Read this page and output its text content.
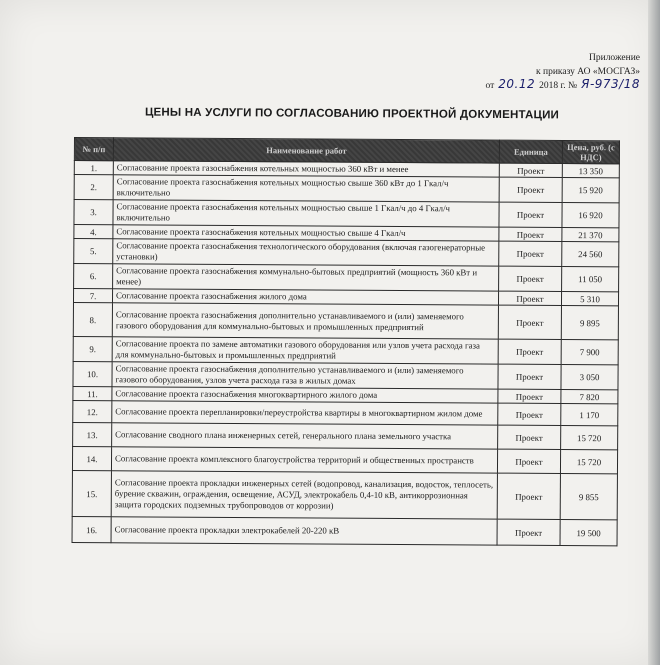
Приложение
к приказу АО «МОСГАЗ»
от 20.12 2018 г. № Я-973/18
ЦЕНЫ НА УСЛУГИ ПО СОГЛАСОВАНИЮ ПРОЕКТНОЙ ДОКУМЕНТАЦИИ
№ п/п	Наименование работ	Единица	Цена, руб. (с НДС)
1.	Согласование проекта газоснабжения котельных мощностью 360 кВт и менее	Проект	13 350
2.	Согласование проекта газоснабжения котельных мощностью свыше 360 кВт до 1 Гкал/ч включительно	Проект	15 920
3.	Согласование проекта газоснабжения котельных мощностью свыше 1 Гкал/ч до 4 Гкал/ч включительно	Проект	16 920
4.	Согласование проекта газоснабжения котельных мощностью свыше 4 Гкал/ч	Проект	21 370
5.	Согласование проекта газоснабжения технологического оборудования (включая газогенераторные установки)	Проект	24 560
6.	Согласование проекта газоснабжения коммунально-бытовых предприятий (мощность 360 кВт и менее)	Проект	11 050
7.	Согласование проекта газоснабжения жилого дома	Проект	5 310
8.	Согласование проекта газоснабжения дополнительно устанавливаемого и (или) заменяемого газового оборудования для коммунально-бытовых и промышленных предприятий	Проект	9 895
9.	Согласование проекта по замене автоматики газового оборудования или узлов учета расхода газа для коммунально-бытовых и промышленных предприятий	Проект	7 900
10.	Согласование проекта газоснабжения дополнительно устанавливаемого и (или) заменяемого газового оборудования, узлов учета расхода газа в жилых домах	Проект	3 050
11.	Согласование проекта газоснабжения многоквартирного жилого дома	Проект	7 820
12.	Согласование проекта перепланировки/переустройства квартиры в многоквартирном жилом доме	Проект	1 170
13.	Согласование сводного плана инженерных сетей, генерального плана земельного участка	Проект	15 720
14.	Согласование проекта комплексного благоустройства территорий и общественных пространств	Проект	15 720
15.	Согласование проекта прокладки инженерных сетей (водопровод, канализация, водосток, теплосеть, бурение скважин, ограждения, освещение, АСУД, электрокабель 0,4-10 кВ, антикоррозионная защита городских подземных трубопроводов от коррозии)	Проект	9 855
16.	Согласование проекта прокладки электрокабелей 20-220 кВ	Проект	19 500
